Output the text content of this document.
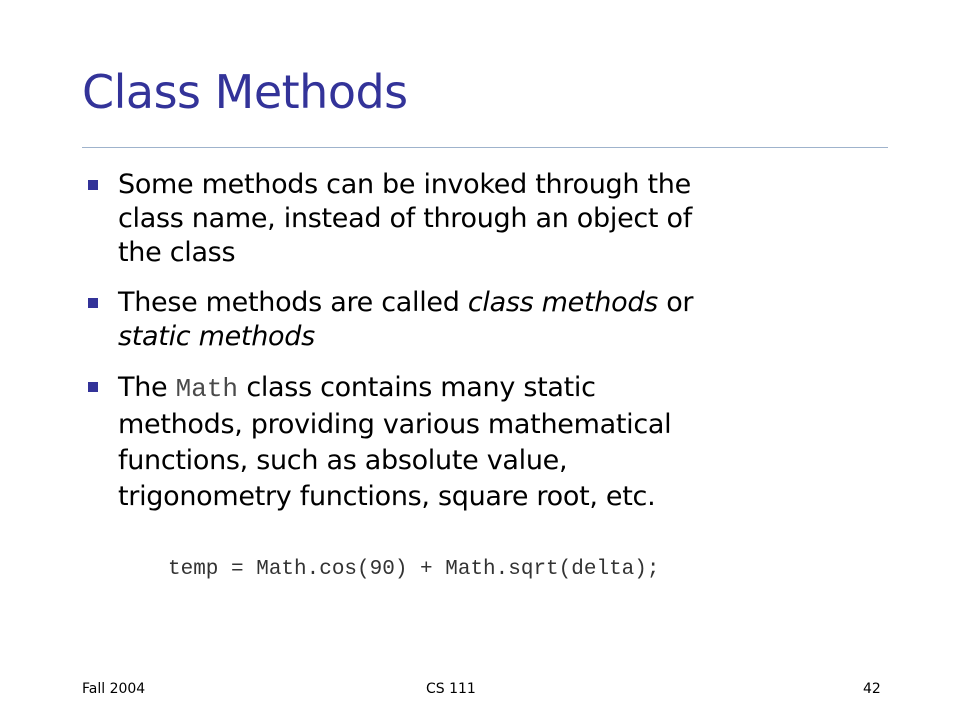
Class Methods
Some methods can be invoked through the
class name, instead of through an object of
the class
These methods are called class methods or
static methods
The Math class contains many static
methods, providing various mathematical
functions, such as absolute value,
trigonometry functions, square root, etc.
temp = Math.cos(90) + Math.sqrt(delta);
Fall 2004	CS 111	42
